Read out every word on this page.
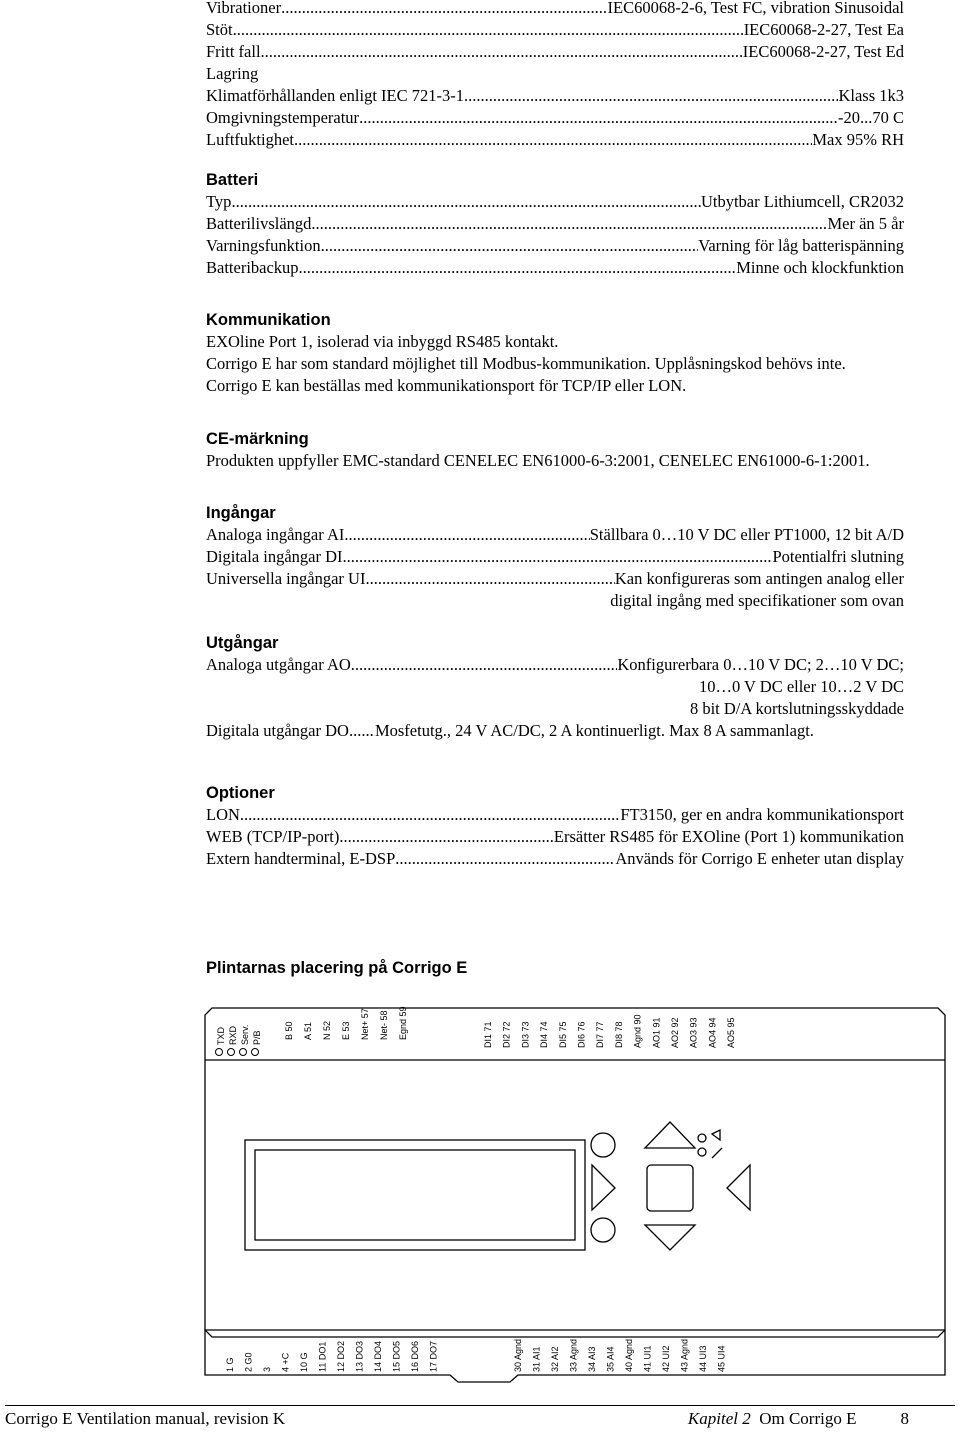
Vibrationer .....	IEC60068-2-6, Test FC, vibration Sinusoidal
Stöt .....	IEC60068-2-27, Test Ea
Fritt fall .....	IEC60068-2-27, Test Ed
Lagring
Klimatförhållanden enligt IEC 721-3-1 .....	Klass 1k3
Omgivningstemperatur .....	-20...70 C
Luftfuktighet .....	Max 95% RH
Batteri
Typ .....	Utbytbar Lithiumcell, CR2032
Batterilivslängd .....	Mer än 5 år
Varningsfunktion .....	Varning för låg batterispänning
Batteribackup .....	Minne och klockfunktion
Kommunikation
EXOline Port 1, isolerad via inbyggd RS485 kontakt.
Corrigo E har som standard möjlighet till Modbus-kommunikation. Upplåsningskod behövs inte.
Corrigo E kan beställas med kommunikationsport för TCP/IP eller LON.
CE-märkning
Produkten uppfyller EMC-standard CENELEC EN61000-6-3:2001, CENELEC EN61000-6-1:2001.
Ingångar
Analoga ingångar AI .....	Ställbara 0…10 V DC eller PT1000, 12 bit A/D
Digitala ingångar DI .....	Potentialfri slutning
Universella ingångar UI .....	Kan konfigureras som antingen analog eller
digital ingång med specifikationer som ovan
Utgångar
Analoga utgångar AO .....	Konfigurerbara 0…10 V DC; 2…10 V DC;
10…0 V DC eller 10…2 V DC
8 bit D/A kortslutningsskyddade
Digitala utgångar DO ..... Mosfetutg., 24 V AC/DC, 2 A kontinuerligt. Max 8 A sammanlagt.
Optioner
LON .....	FT3150, ger en andra kommunikationsport
WEB (TCP/IP-port) .....	Ersätter RS485 för EXOline (Port 1) kommunikation
Extern handterminal, E-DSP .....	Används för Corrigo E enheter utan display
Plintarnas placering på Corrigo E
TXD RXD Serv. P/B B 50 A 51 N 52 E 53 Net+ 57 Net- 58 Egnd 59	DI1 71 DI2 72 DI3 73 DI4 74 DI5 75 DI6 76 DI7 77 DI8 78 Agnd 90 AO1 91 AO2 92 AO3 93 AO4 94 AO5 95
1 G 2 G0 3 4 +C 10 G 11 DO1 12 DO2 13 DO3 14 DO4 15 DO5 16 DO6 17 DO7	30 Agnd 31 AI1 32 AI2 33 Agnd 34 AI3 35 AI4 40 Agnd 41 UI1 42 UI2 43 Agnd 44 UI3 45 UI4
Corrigo E Ventilation manual, revision K	Kapitel 2 Om Corrigo E	8
